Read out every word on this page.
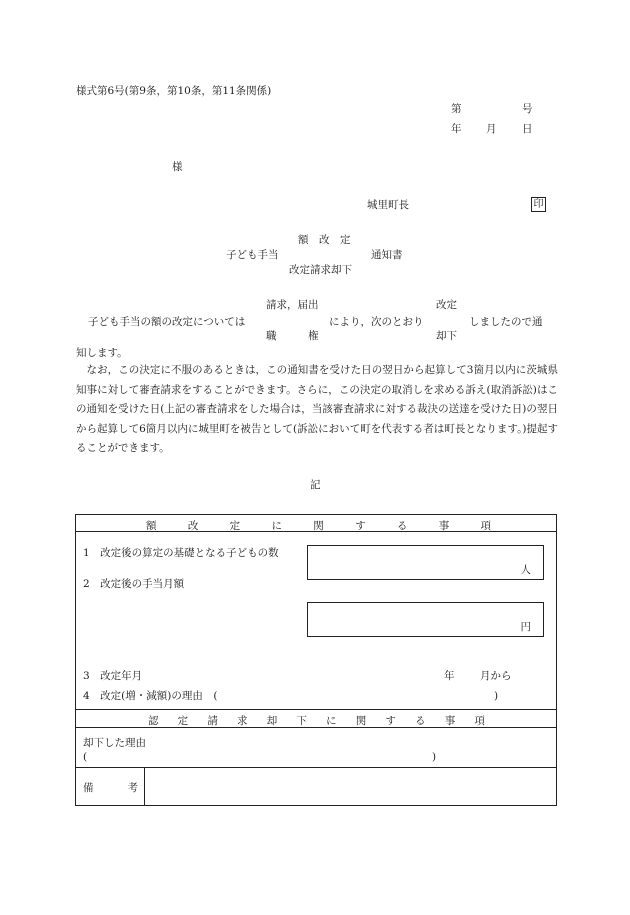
様式第6号(第9条，第10条，第11条関係)
第	号
年 月 日
様
城里町長	印
額　改　定
子ども手当	通知書
改定請求却下
請求，届出	改定
子ども手当の額の改定については	により，次のとおり	しましたので通
職　　　権	却下
知します。
なお，この決定に不服のあるときは，この通知書を受けた日の翌日から起算して3箇月以内に茨城県知事に対して審査請求をすることができます。さらに，この決定の取消しを求める訴え(取消訴訟)はこの通知を受けた日(上記の審査請求をした場合は，当該審査請求に対する裁決の送達を受けた日)の翌日から起算して6箇月以内に城里町を被告として(訴訟において町を代表する者は町長となります。)提起することができます。
記
額	改	定	に	関	す	る	事	項
1　改定後の算定の基礎となる子どもの数
人
2　改定後の手当月額
円
3　改定年月	年 月から
4　改定(増・減額)の理由　(	)
認 定 請 求 却 下 に 関 す る 事 項
却下した理由
(	)
備	考
